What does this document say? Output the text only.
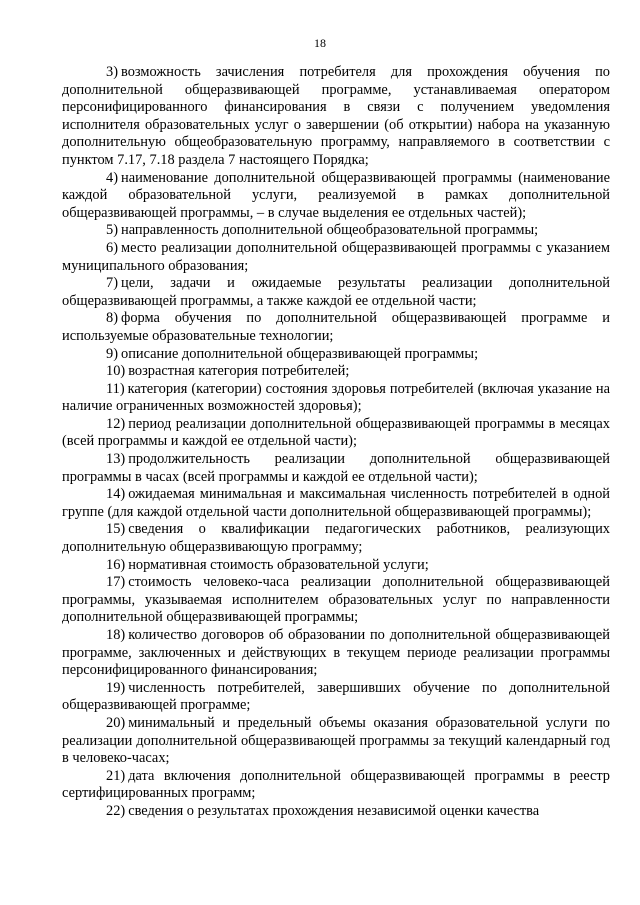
18

3) возможность зачисления потребителя для прохождения обучения по дополнительной общеразвивающей программе, устанавливаемая оператором персонифицированного финансирования в связи с получением уведомления исполнителя образовательных услуг о завершении (об открытии) набора на указанную дополнительную общеобразовательную программу, направляемого в соответствии с пунктом 7.17, 7.18 раздела 7 настоящего Порядка;

4) наименование дополнительной общеразвивающей программы (наименование каждой образовательной услуги, реализуемой в рамках дополнительной общеразвивающей программы, – в случае выделения ее отдельных частей);

5) направленность дополнительной общеобразовательной программы;

6) место реализации дополнительной общеразвивающей программы с указанием муниципального образования;

7) цели, задачи и ожидаемые результаты реализации дополнительной общеразвивающей программы, а также каждой ее отдельной части;

8) форма обучения по дополнительной общеразвивающей программе и используемые образовательные технологии;

9) описание дополнительной общеразвивающей программы;

10) возрастная категория потребителей;

11) категория (категории) состояния здоровья потребителей (включая указание на наличие ограниченных возможностей здоровья);

12) период реализации дополнительной общеразвивающей программы в месяцах (всей программы и каждой ее отдельной части);

13) продолжительность реализации дополнительной общеразвивающей программы в часах (всей программы и каждой ее отдельной части);

14) ожидаемая минимальная и максимальная численность потребителей в одной группе (для каждой отдельной части дополнительной общеразвивающей программы);

15) сведения о квалификации педагогических работников, реализующих дополнительную общеразвивающую программу;

16) нормативная стоимость образовательной услуги;

17) стоимость человеко-часа реализации дополнительной общеразвивающей программы, указываемая исполнителем образовательных услуг по направленности дополнительной общеразвивающей программы;

18) количество договоров об образовании по дополнительной общеразвивающей программе, заключенных и действующих в текущем периоде реализации программы персонифицированного финансирования;

19) численность потребителей, завершивших обучение по дополнительной общеразвивающей программе;

20) минимальный и предельный объемы оказания образовательной услуги по реализации дополнительной общеразвивающей программы за текущий календарный год в человеко-часах;

21) дата включения дополнительной общеразвивающей программы в реестр сертифицированных программ;

22) сведения о результатах прохождения независимой оценки качества
